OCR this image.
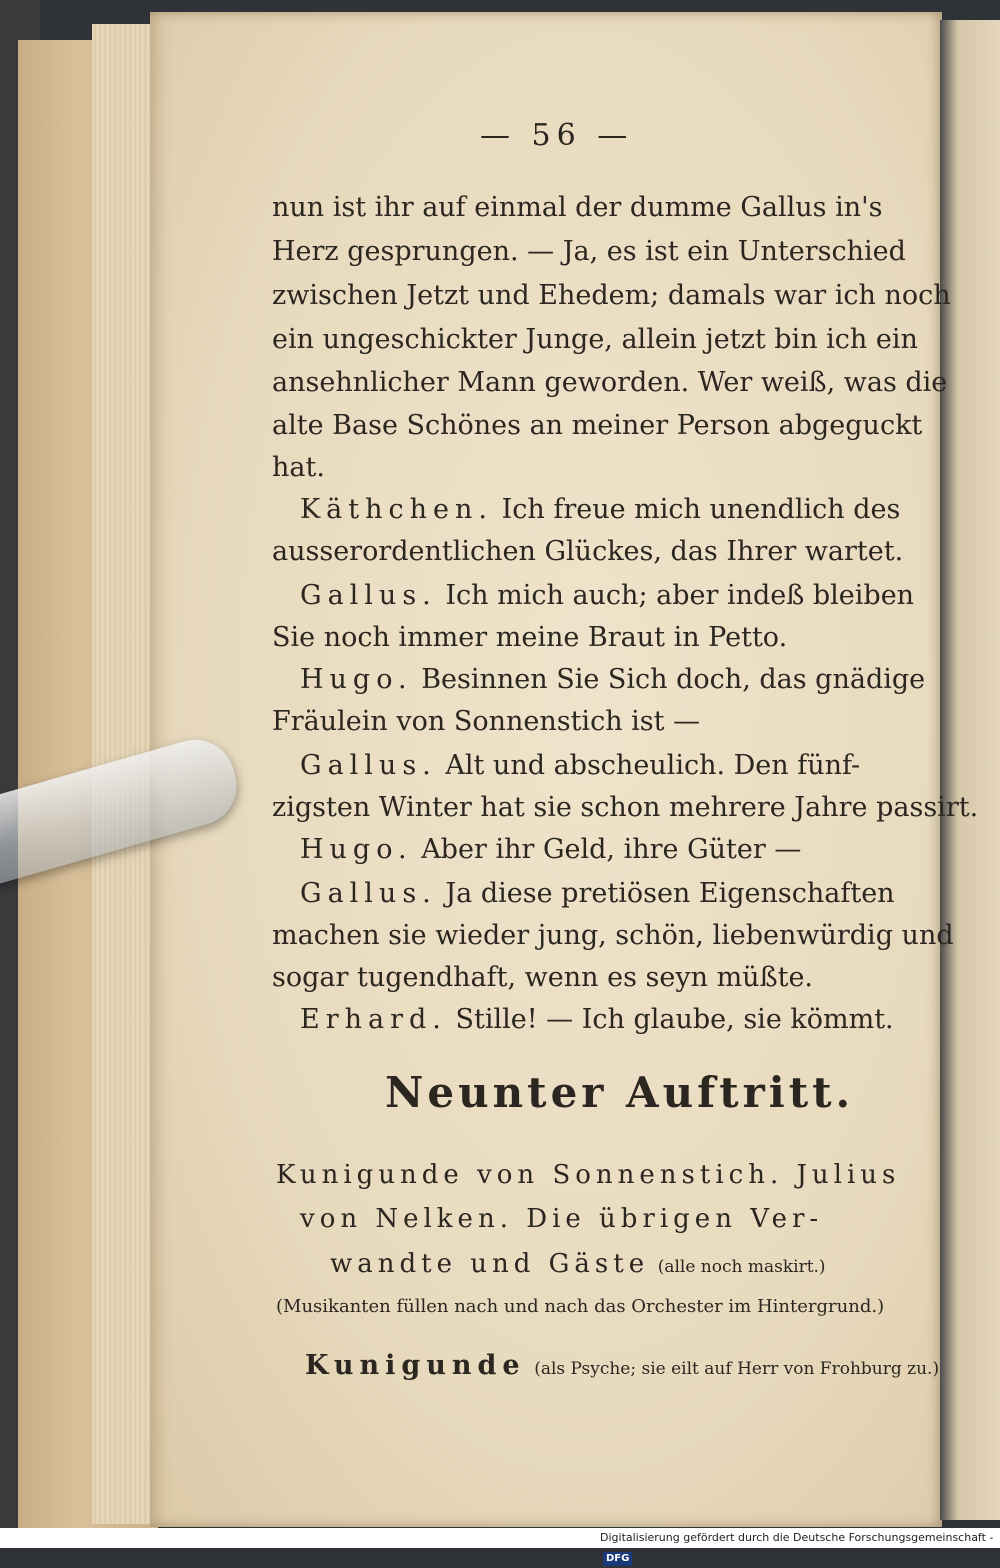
— 56 —
nun ist ihr auf einmal der dumme Gallus in's
Herz gesprungen. — Ja, es ist ein Unterschied
zwischen Jetzt und Ehedem; damals war ich noch
ein ungeschickter Junge, allein jetzt bin ich ein
ansehnlicher Mann geworden. Wer weiß, was die
alte Base Schönes an meiner Person abgeguckt
hat.
Käthchen. Ich freue mich unendlich des
ausserordentlichen Glückes, das Ihrer wartet.
Gallus. Ich mich auch; aber indeß bleiben
Sie noch immer meine Braut in Petto.
Hugo. Besinnen Sie Sich doch, das gnädige
Fräulein von Sonnenstich ist —
Gallus. Alt und abscheulich. Den fünf-
zigsten Winter hat sie schon mehrere Jahre passirt.
Hugo. Aber ihr Geld, ihre Güter —
Gallus. Ja diese pretiösen Eigenschaften
machen sie wieder jung, schön, liebenwürdig und
sogar tugendhaft, wenn es seyn müßte.
Erhard. Stille! — Ich glaube, sie kömmt.
Neunter Auftritt.
Kunigunde von Sonnenstich. Julius
von Nelken. Die übrigen Ver-
wandte und Gäste (alle noch maskirt.)
(Musikanten füllen nach und nach das Orchester im Hintergrund.)
Kunigunde (als Psyche; sie eilt auf Herr von Frohburg zu.)
Digitalisierung gefördert durch die Deutsche Forschungsgemeinschaft -DFG
